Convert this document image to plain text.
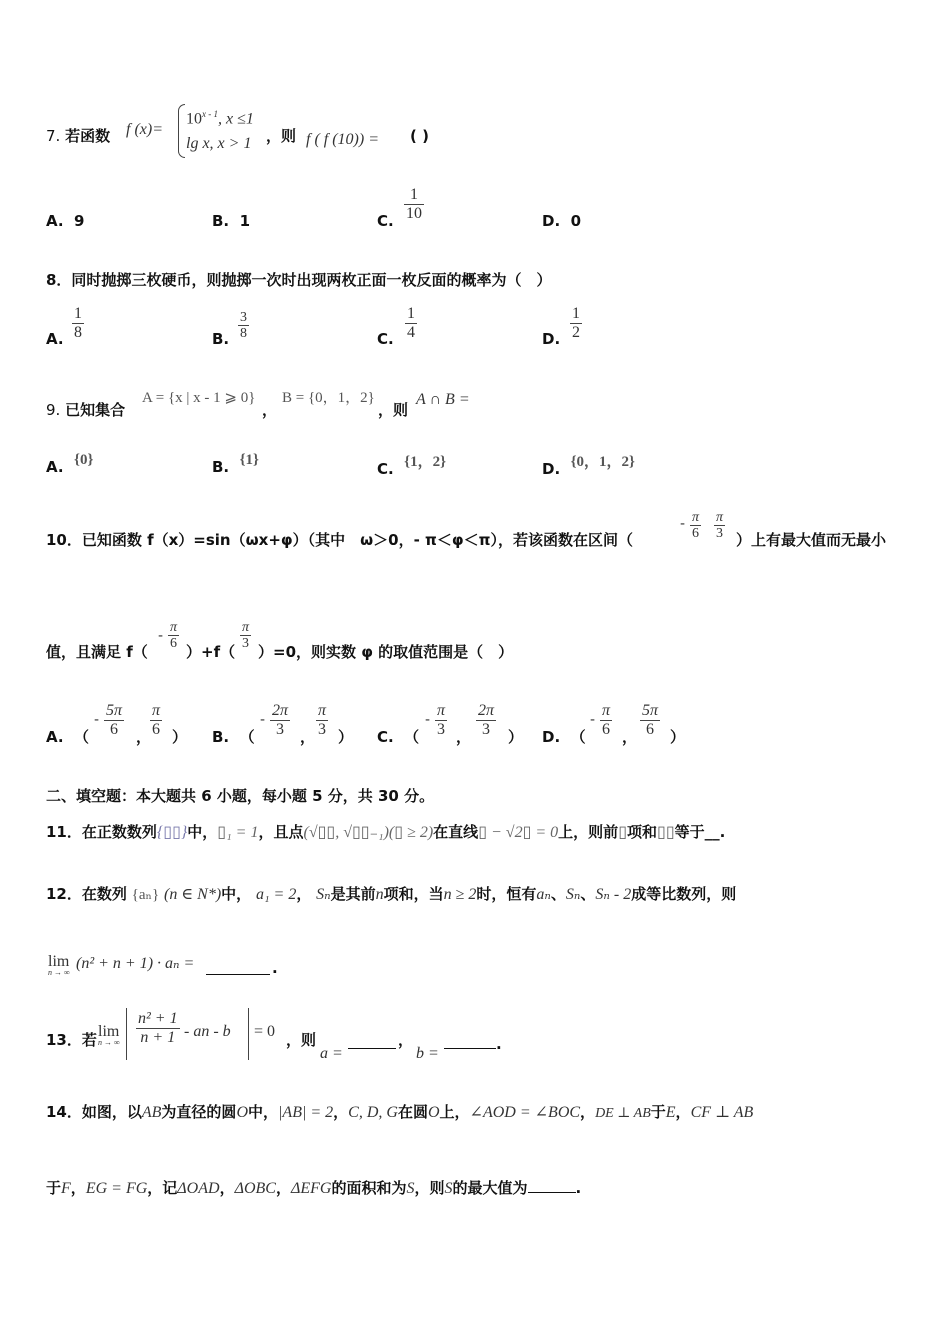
7. 若函数 f (x)=
$10^{x - 1}$, x ≤1
lg x, x > 1 ，则 f ( f (10)) = ( )
A. 9	B. 1	C.
1
10	D. 0
8．同时抛掷三枚硬币，则抛掷一次时出现两枚正面一枚反面的概率为（　）
A.
1
8	B.
3
8	C.
1
4	D.
1
2
9. 已知集合
A = {x | x - 1 ⩾ 0}
，
B = {0，1，2}
，则
A ∩ B =
A. {0}	B. {1}	C. {1，2}	D. {0，1，2}
10．已知函数 f（x）=sin（ωx+φ）（其中　ω＞0，- π＜φ＜π），若该函数在区间（
- π
6
π
3 ）上有最大值而无最小
值，且满足 f（
-
π
6 ）+f（
π
3 ）=0，则实数 φ 的取值范围是（　）
A.  （
-
5π
6	，
π
6 ） B.  （
-
2π
3	，
π
3 ） C.  （
-
π
3 ，
2π
3	） D.  （
-
π
6 ，
5π
6	）
二、填空题：本大题共 6 小题，每小题 5 分，共 30 分。
11．在正数数列{▯▯}中，▯₁ = 1，且点(√▯▯, √▯▯₋₁)(▯ ≥ 2)在直线▯ − √2▯ = 0上，则前▯项和▯▯等于__.
12．在数列 {aₙ} (n ∈ N*)中， a₁ = 2， Sₙ是其前n项和，当n ≥ 2时，恒有aₙ、Sₙ、Sₙ - 2成等比数列，则
lim
n → ∞
(n² + n + 1) · aₙ =	.
13．若 lim
n → ∞
n² + 1
n + 1 - an - b = 0 ，则
a =
，
b =
.
14．如图，以AB为直径的圆O中，|AB| = 2，C, D, G在圆O上，∠AOD = ∠BOC，DE ⊥ AB于E，CF ⊥ AB
于F，EG = FG，记ΔOAD，ΔOBC，ΔEFG的面积和为S，则S的最大值为	.
